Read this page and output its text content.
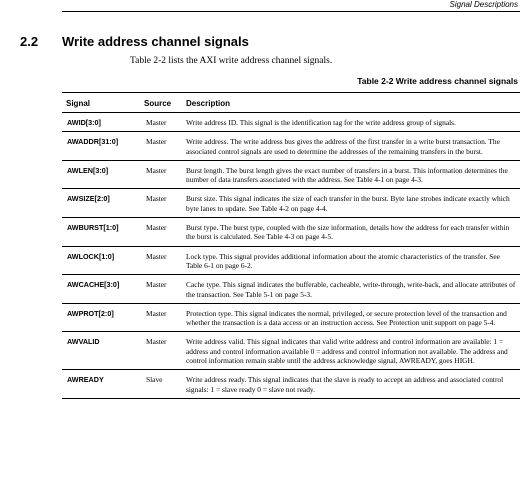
Signal Descriptions
2.2 Write address channel signals
Table 2-2 lists the AXI write address channel signals.
Table 2-2 Write address channel signals
Signal	Source	Description
AWID[3:0]	Master	Write address ID. This signal is the identification tag for the write address group of signals.
AWADDR[31:0]	Master	Write address. The write address bus gives the address of the first transfer in a write burst transaction. The associated control signals are used to determine the addresses of the remaining transfers in the burst.
AWLEN[3:0]	Master	Burst length. The burst length gives the exact number of transfers in a burst. This information determines the number of data transfers associated with the address. See Table 4-1 on page 4-3.
AWSIZE[2:0]	Master	Burst size. This signal indicates the size of each transfer in the burst. Byte lane strobes indicate exactly which byte lanes to update. See Table 4-2 on page 4-4.
AWBURST[1:0]	Master	Burst type. The burst type, coupled with the size information, details how the address for each transfer within the burst is calculated. See Table 4-3 on page 4-5.
AWLOCK[1:0]	Master	Lock type. This signal provides additional information about the atomic characteristics of the transfer. See Table 6-1 on page 6-2.
AWCACHE[3:0]	Master	Cache type. This signal indicates the bufferable, cacheable, write-through, write-back, and allocate attributes of the transaction. See Table 5-1 on page 5-3.
AWPROT[2:0]	Master	Protection type. This signal indicates the normal, privileged, or secure protection level of the transaction and whether the transaction is a data access or an instruction access. See Protection unit support on page 5-4.
AWVALID	Master	Write address valid. This signal indicates that valid write address and control information are available: 1 = address and control information available 0 = address and control information not available. The address and control information remain stable until the address acknowledge signal, AWREADY, goes HIGH.
AWREADY	Slave	Write address ready. This signal indicates that the slave is ready to accept an address and associated control signals: 1 = slave ready 0 = slave not ready.
